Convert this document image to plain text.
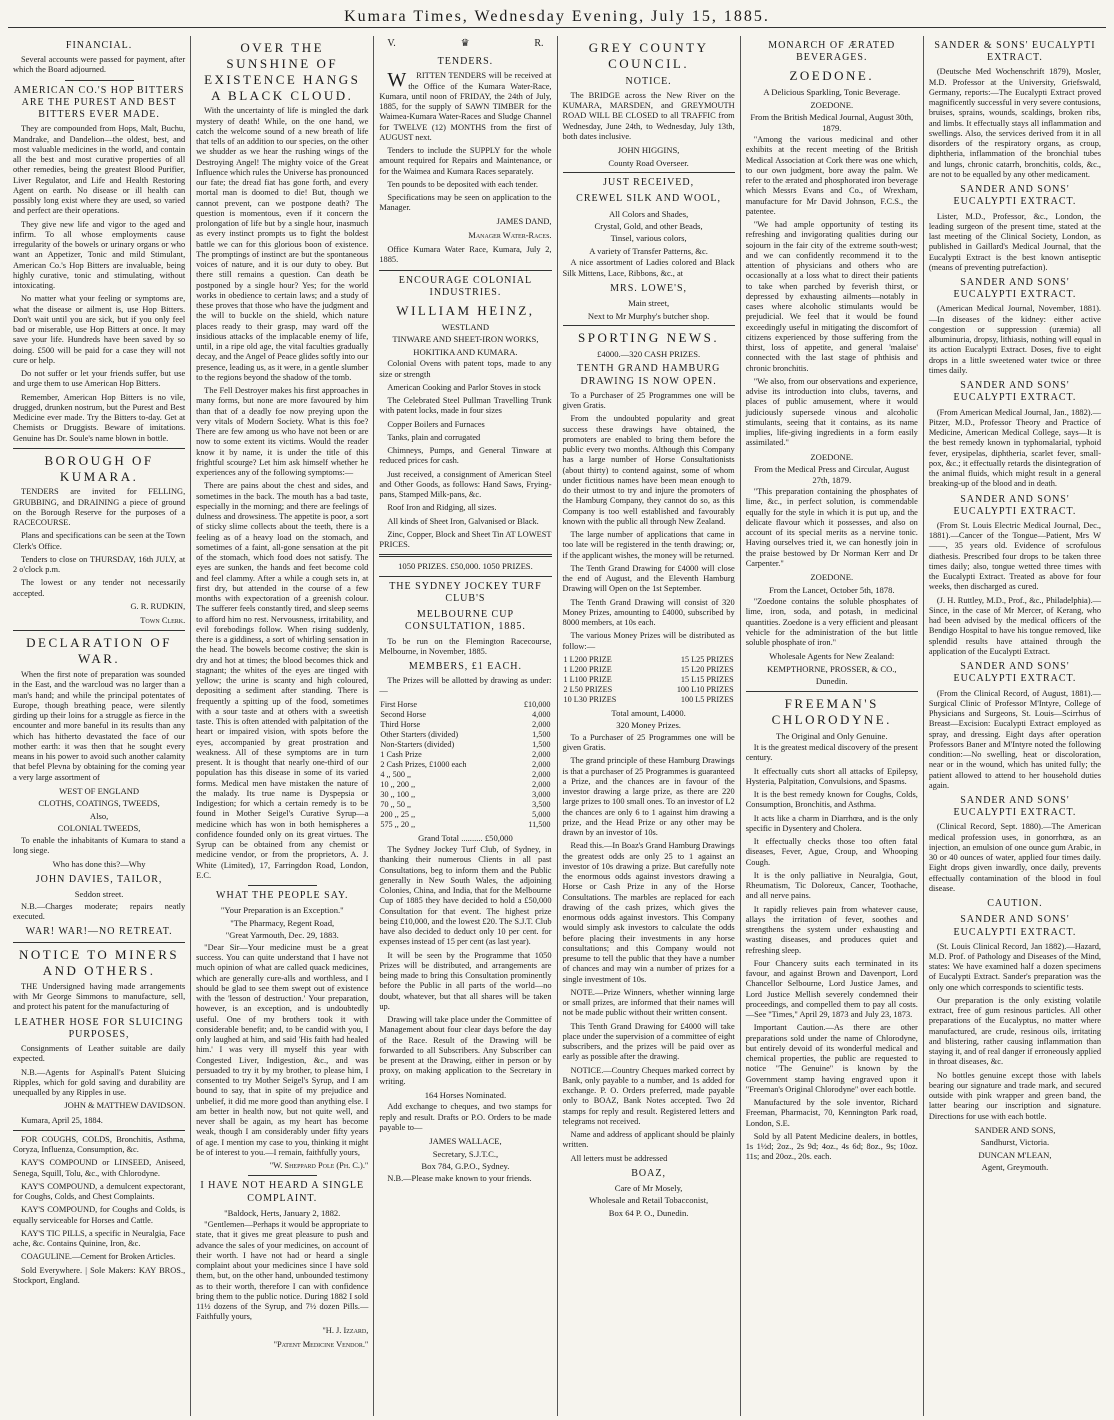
Kumara Times, Wednesday Evening, July 15, 1885.
FINANCIAL.

Several accounts were passed for payment, after which the Board adjourned.

AMERICAN CO.'S HOP BITTERS ARE THE PUREST AND BEST BITTERS EVER MADE.

They are compounded from Hops, Malt, Buchu, Mandrake, and Dandelion—the oldest, best, and most valuable medicines in the world, and contain all the best and most curative properties of all other remedies, being the greatest Blood Purifier, Liver Regulator, and Life and Health Restoring Agent on earth. No disease or ill health can possibly long exist where they are used, so varied and perfect are their operations.

They give new life and vigor to the aged and infirm. To all whose employments cause irregularity of the bowels or urinary organs or who want an Appetizer, Tonic and mild Stimulant, American Co.'s Hop Bitters are invaluable, being highly curative, tonic and stimulating, without intoxicating.

No matter what your feeling or symptoms are, what the disease or ailment is, use Hop Bitters. Don't wait until you are sick, but if you only feel bad or miserable, use Hop Bitters at once. It may save your life. Hundreds have been saved by so doing. £500 will be paid for a case they will not cure or help.

Do not suffer or let your friends suffer, but use and urge them to use American Hop Bitters.

Remember, American Hop Bitters is no vile, drugged, drunken nostrum, but the Purest and Best Medicine ever made. Try the Bitters to-day. Get at Chemists or Druggists. Beware of imitations. Genuine has Dr. Soule's name blown in bottle.

BOROUGH OF KUMARA.

TENDERS are invited for FELLING, GRUBBING, and DRAINING a piece of ground on the Borough Reserve for the purposes of a RACECOURSE.

Plans and specifications can be seen at the Town Clerk's Office.

Tenders to close on THURSDAY, 16th JULY, at 2 o'clock p.m.

The lowest or any tender not necessarily accepted.

G. R. RUDKIN,
Town Clerk.
DECLARATION OF WAR.

When the first note of preparation was sounded in the East, and the warcloud was no larger than a man's hand; and while the principal potentates of Europe, though breathing peace, were silently girding up their loins for a struggle as fierce in the encounter and more baneful in its results than any which has hitherto devastated the face of our mother earth: it was then that he sought every means in his power to avoid such another calamity that befel Plevna by obtaining for the coming year a very large assortment of

WEST OF ENGLAND
CLOTHS, COATINGS, TWEEDS,
Also,
COLONIAL TWEEDS,

To enable the inhabitants of Kumara to stand a long siege.

Who has done this?—Why
JOHN DAVIES, TAILOR,
Seddon street.

N.B.—Charges moderate; repairs neatly executed.

WAR! WAR!—NO RETREAT.
NOTICE TO MINERS AND OTHERS.

THE Undersigned having made arrangements with Mr George Simmons to manufacture, sell, and protect his patent for the manufacturing of

LEATHER HOSE FOR SLUICING PURPOSES,

Consignments of Leather suitable are daily expected.

N.B.—Agents for Aspinall's Patent Sluicing Ripples, which for gold saving and durability are unequalled by any Ripples in use.

JOHN & MATTHEW DAVIDSON.

Kumara, April 25, 1884.

FOR COUGHS, COLDS, Bronchitis, Asthma, Coryza, Influenza, Consumption, &c.

KAY'S COMPOUND or LINSEED, Aniseed, Senega, Squill, Tolu, &c., with Chlorodyne.

KAY'S COMPOUND, a demulcent expectorant, for Coughs, Colds, and Chest Complaints.

KAY'S COMPOUND, for Coughs and Colds, is equally serviceable for Horses and Cattle.

KAY'S TIC PILLS, a specific in Neuralgia, Face ache, &c. Contains Quinine, Iron, &c.

COAGULINE.—Cement for Broken Articles.

Sold Everywhere. | Sole Makers: KAY BROS., Stockport, England.

OVER THE SUNSHINE OF EXISTENCE HANGS A BLACK CLOUD.

With the uncertainty of life is mingled the dark mystery of death! While, on the one hand, we catch the welcome sound of a new breath of life that tells of an addition to our species, on the other we shudder as we hear the rushing wings of the Destroying Angel! The mighty voice of the Great Influence which rules the Universe has pronounced our fate; the dread fiat has gone forth, and every mortal man is doomed to die! But, though we cannot prevent, can we postpone death? The question is momentous, even if it concern the prolongation of life but by a single hour, inasmuch as every instinct prompts us to fight the boldest battle we can for this glorious boon of existence. The promptings of instinct are but the spontaneous voices of nature, and it is our duty to obey. But there still remains a question. Can death be postponed by a single hour? Yes; for the world works in obedience to certain laws; and a study of these proves that those who have the judgment and the will to buckle on the shield, which nature places ready to their grasp, may ward off the insidious attacks of the implacable enemy of life, until, in a ripe old age, the vital faculties gradually decay, and the Angel of Peace glides softly into our presence, leading us, as it were, in a gentle slumber to the regions beyond the shadow of the tomb.

The Fell Destroyer makes his first approaches in many forms, but none are more favoured by him than that of a deadly foe now preying upon the very vitals of Modern Society. What is this foe? There are few among us who have not been or are now to some extent its victims. Would the reader know it by name, it is under the title of this frightful scourge? Let him ask himself whether he experiences any of the following symptoms:—

There are pains about the chest and sides, and sometimes in the back. The mouth has a bad taste, especially in the morning; and there are feelings of dulness and drowsiness. The appetite is poor, a sort of sticky slime collects about the teeth, there is a feeling as of a heavy load on the stomach, and sometimes of a faint, all-gone sensation at the pit of the stomach, which food does not satisfy. The eyes are sunken, the hands and feet become cold and feel clammy. After a while a cough sets in, at first dry, but attended in the course of a few months with expectoration of a greenish colour. The sufferer feels constantly tired, and sleep seems to afford him no rest. Nervousness, irritability, and evil forebodings follow. When rising suddenly, there is a giddiness, a sort of whirling sensation in the head. The bowels become costive; the skin is dry and hot at times; the blood becomes thick and stagnant; the whites of the eyes are tinged with yellow; the urine is scanty and high coloured, depositing a sediment after standing. There is frequently a spitting up of the food, sometimes with a sour taste and at others with a sweetish taste. This is often attended with palpitation of the heart or impaired vision, with spots before the eyes, accompanied by great prostration and weakness. All of these symptoms are in turn present. It is thought that nearly one-third of our population has this disease in some of its varied forms. Medical men have mistaken the nature of the malady. Its true name is Dyspepsia or Indigestion; for which a certain remedy is to be found in Mother Seigel's Curative Syrup—a medicine which has won in both hemispheres a confidence founded only on its great virtues. The Syrup can be obtained from any chemist or medicine vendor, or from the proprietors, A. J. White (Limited), 17, Farringdon Road, London, E.C.

WHAT THE PEOPLE SAY.
"Your Preparation is an Exception."
"The Pharmacy, Regent Road,
"Great Yarmouth, Dec. 29, 1883.

"Dear Sir—Your medicine must be a great success. You can quite understand that I have not much opinion of what are called quack medicines, which are generally cure-alls and worthless, and I should be glad to see them swept out of existence with the 'lesson of destruction.' Your preparation, however, is an exception, and is undoubtedly useful. One of my brothers took it with considerable benefit; and, to be candid with you, I only laughed at him, and said 'His faith had healed him.' I was very ill myself this year with Congested Liver, Indigestion, &c., and was persuaded to try it by my brother, to please him, I consented to try Mother Seigel's Syrup, and I am bound to say, that in spite of my prejudice and unbelief, it did me more good than anything else. I am better in health now, but not quite well, and never shall be again, as my heart has become weak, though I am considerably under fifty years of age. I mention my case to you, thinking it might be of interest to you.—I remain, faithfully yours,

"W. Sheppard Pole (Ph. C.)."
I HAVE NOT HEARD A SINGLE COMPLAINT.
"Baldock, Herts, January 2, 1882.

"Gentlemen—Perhaps it would be appropriate to state, that it gives me great pleasure to push and advance the sales of your medicines, on account of their worth. I have not had or heard a single complaint about your medicines since I have sold them, but, on the other hand, unbounded testimony as to their worth, therefore I can with confidence bring them to the public notice. During 1882 I sold 11½ dozens of the Syrup, and 7½ dozen Pills.—Faithfully yours,

"H. J. Izzard,
"Patent Medicine Vendor."
V.	♛	R.
TENDERS.

WRITTEN TENDERS will be received at the Office of the Kumara Water-Race, Kumara, until noon of FRIDAY, the 24th of July, 1885, for the supply of SAWN TIMBER for the Waimea-Kumara Water-Races and Sludge Channel for TWELVE (12) MONTHS from the first of AUGUST next.

Tenders to include the SUPPLY for the whole amount required for Repairs and Maintenance, or for the Waimea and Kumara Races separately.

Ten pounds to be deposited with each tender.

Specifications may be seen on application to the Manager.

JAMES DAND,
Manager Water-Races.

Office Kumara Water Race, Kumara, July 2, 1885.

ENCOURAGE COLONIAL INDUSTRIES.
WILLIAM HEINZ,
WESTLAND
TINWARE AND SHEET-IRON WORKS,
HOKITIKA AND KUMARA.

Colonial Ovens with patent tops, made to any size or strength

American Cooking and Parlor Stoves in stock

The Celebrated Steel Pullman Travelling Trunk with patent locks, made in four sizes

Copper Boilers and Furnaces

Tanks, plain and corrugated

Chimneys, Pumps, and General Tinware at reduced prices for cash.

Just received, a consignment of American Steel and Other Goods, as follows: Hand Saws, Frying-pans, Stamped Milk-pans, &c.

Roof Iron and Ridging, all sizes.

All kinds of Sheet Iron, Galvanised or Black.

Zinc, Copper, Block and Sheet Tin AT LOWEST PRICES.

1050 PRIZES. £50,000. 1050 PRIZES.
THE SYDNEY JOCKEY TURF CLUB'S
MELBOURNE CUP CONSULTATION, 1885.

To be run on the Flemington Racecourse, Melbourne, in November, 1885.

MEMBERS, £1 EACH.

The Prizes will be allotted by drawing as under:—

First Horse	£10,000
Second Horse	4,000
Third Horse	2,000
Other Starters (divided)	1,500
Non-Starters (divided)	1,500
1 Cash Prize	2,000
2 Cash Prizes, £1000 each	2,000
4 ,, 500 ,,	2,000
10 ,, 200 ,,	2,000
30 ,, 100 ,,	3,000
70 ,, 50 ,,	3,500
200 ,, 25 ,,	5,000
575 ,, 20 ,,	11,500
Grand Total .......... £50,000

The Sydney Jockey Turf Club, of Sydney, in thanking their numerous Clients in all past Consultations, beg to inform them and the Public generally in New South Wales, the adjoining Colonies, China, and India, that for the Melbourne Cup of 1885 they have decided to hold a £50,000 Consultation for that event. The highest prize being £10,000, and the lowest £20. The S.J.T. Club have also decided to deduct only 10 per cent. for expenses instead of 15 per cent (as last year).

It will be seen by the Programme that 1050 Prizes will be distributed, and arrangements are being made to bring this Consultation prominently before the Public in all parts of the world—no doubt, whatever, but that all shares will be taken up.

Drawing will take place under the Committee of Management about four clear days before the day of the Race. Result of the Drawing will be forwarded to all Subscribers. Any Subscriber can be present at the Drawing, either in person or by proxy, on making application to the Secretary in writing.

164 Horses Nominated.

Add exchange to cheques, and two stamps for reply and result. Drafts or P.O. Orders to be made payable to—

JAMES WALLACE,
Secretary, S.J.T.C.,
Box 784, G.P.O., Sydney.

N.B.—Please make known to your friends.

GREY COUNTY COUNCIL.
NOTICE.

The BRIDGE across the New River on the KUMARA, MARSDEN, and GREYMOUTH ROAD WILL BE CLOSED to all TRAFFIC from Wednesday, June 24th, to Wednesday, July 13th, both dates inclusive.

JOHN HIGGINS,
County Road Overseer.
JUST RECEIVED,
CREWEL SILK AND WOOL,
All Colors and Shades,
Crystal, Gold, and other Beads,
Tinsel, various colors,
A variety of Transfer Patterns, &c.

A nice assortment of Ladies colored and Black Silk Mittens, Lace, Ribbons, &c., at

MRS. LOWE'S,
Main street,
Next to Mr Murphy's butcher shop.
SPORTING NEWS.
£4000.—320 CASH PRIZES.
TENTH GRAND HAMBURG DRAWING IS NOW OPEN.

To a Purchaser of 25 Programmes one will be given Gratis.

From the undoubted popularity and great success these drawings have obtained, the promoters are enabled to bring them before the public every two months. Although this Company has a large number of Horse Consultationists (about thirty) to contend against, some of whom under fictitious names have been mean enough to do their utmost to try and injure the promoters of the Hamburg Company, they cannot do so, as this Company is too well established and favourably known with the public all through New Zealand.

The large number of applications that came in too late will be registered in the tenth drawing; or, if the applicant wishes, the money will be returned.

The Tenth Grand Drawing for £4000 will close the end of August, and the Eleventh Hamburg Drawing will Open on the 1st September.

The Tenth Grand Drawing will consist of 320 Money Prizes, amounting to £4000, subscribed by 8000 members, at 10s each.

The various Money Prizes will be distributed as follow:—

1 L200 PRIZE	15 L25 PRIZES
1 L200 PRIZE	15 L20 PRIZES
1 L100 PRIZE	15 L15 PRIZES
2 L50 PRIZES	100 L10 PRIZES
10 L30 PRIZES	100 L5 PRIZES
Total amount, L4000.
320 Money Prizes.

To a Purchaser of 25 Programmes one will be given Gratis.

The grand principle of these Hamburg Drawings is that a purchaser of 25 Programmes is guaranteed a Prize, and the chances are in favour of the investor drawing a large prize, as there are 220 large prizes to 100 small ones. To an investor of L2 the chances are only 6 to 1 against him drawing a prize, and the Head Prize or any other may be drawn by an investor of 10s.

Read this.—In Boaz's Grand Hamburg Drawings the greatest odds are only 25 to 1 against an investor of 10s drawing a prize. But carefully note the enormous odds against investors drawing a Horse or Cash Prize in any of the Horse Consultations. The marbles are replaced for each drawing of the cash prizes, which gives the enormous odds against investors. This Company would simply ask investors to calculate the odds before placing their investments in any horse consultations; and this Company would not presume to tell the public that they have a number of chances and may win a number of prizes for a single investment of 10s.

NOTE.—Prize Winners, whether winning large or small prizes, are informed that their names will not be made public without their written consent.

This Tenth Grand Drawing for £4000 will take place under the supervision of a committee of eight subscribers, and the prizes will be paid over as early as possible after the drawing.

NOTICE.—Country Cheques marked correct by Bank, only payable to a number, and 1s added for exchange. P. O. Orders preferred, made payable only to BOAZ, Bank Notes accepted. Two 2d stamps for reply and result. Registered letters and telegrams not received.

Name and address of applicant should be plainly written.

All letters must be addressed

BOAZ,
Care of Mr Mosely,
Wholesale and Retail Tobacconist,
Box 64 P. O., Dunedin.
MONARCH OF ÆRATED BEVERAGES.
ZOEDONE.
A Delicious Sparkling, Tonic Beverage.
ZOEDONE.
From the British Medical Journal, August 30th, 1879.

"Among the various medicinal and other exhibits at the recent meeting of the British Medical Association at Cork there was one which, to our own judgment, bore away the palm. We refer to the ærated and phosphorated iron beverage which Messrs Evans and Co., of Wrexham, manufacture for Mr David Johnson, F.C.S., the patentee.

"We had ample opportunity of testing its refreshing and invigorating qualities during our sojourn in the fair city of the extreme south-west; and we can confidently recommend it to the attention of physicians and others who are occasionally at a loss what to direct their patients to take when parched by feverish thirst, or depressed by exhausting ailments—notably in cases where alcoholic stimulants would be prejudicial. We feel that it would be found exceedingly useful in mitigating the discomfort of citizens experienced by those suffering from the thirst, loss of appetite, and general 'malaise' connected with the last stage of phthisis and chronic bronchitis.

"We also, from our observations and experience, advise its introduction into clubs, taverns, and places of public amusement, where it would judiciously supersede vinous and alcoholic stimulants, seeing that it contains, as its name implies, life-giving ingredients in a form easily assimilated."

ZOEDONE.
From the Medical Press and Circular, August 27th, 1879.

"This preparation containing the phosphates of lime, &c., in perfect solution, is commendable equally for the style in which it is put up, and the delicate flavour which it possesses, and also on account of its special merits as a nervine tonic. Having ourselves tried it, we can honestly join in the praise bestowed by Dr Norman Kerr and Dr Carpenter."

ZOEDONE.
From the Lancet, October 5th, 1878.

"Zoedone contains the soluble phosphates of lime, iron, soda, and potash, in medicinal quantities. Zoedone is a very efficient and pleasant vehicle for the administration of the but little soluble phosphate of iron."

Wholesale Agents for New Zealand:
KEMPTHORNE, PROSSER, & CO.,
Dunedin.
FREEMAN'S CHLORODYNE.
The Original and Only Genuine.

It is the greatest medical discovery of the present century.

It effectually cuts short all attacks of Epilepsy, Hysteria, Palpitation, Convulsions, and Spasms.

It is the best remedy known for Coughs, Colds, Consumption, Bronchitis, and Asthma.

It acts like a charm in Diarrhœa, and is the only specific in Dysentery and Cholera.

It effectually checks those too often fatal diseases, Fever, Ague, Croup, and Whooping Cough.

It is the only palliative in Neuralgia, Gout, Rheumatism, Tic Doloreux, Cancer, Toothache, and all nerve pains.

It rapidly relieves pain from whatever cause, allays the irritation of fever, soothes and strengthens the system under exhausting and wasting diseases, and produces quiet and refreshing sleep.

Four Chancery suits each terminated in its favour, and against Brown and Davenport, Lord Chancellor Selbourne, Lord Justice James, and Lord Justice Mellish severely condemned their proceedings, and compelled them to pay all costs.—See "Times," April 29, 1873 and July 23, 1873.

Important Caution.—As there are other preparations sold under the name of Chlorodyne, but entirely devoid of its wonderful medical and chemical properties, the public are requested to notice "The Genuine" is known by the Government stamp having engraved upon it "Freeman's Original Chlorodyne" over each bottle.

Manufactured by the sole inventor, Richard Freeman, Pharmacist, 70, Kennington Park road, London, S.E.

Sold by all Patent Medicine dealers, in bottles, 1s 1½d; 2oz., 2s 9d; 4oz., 4s 6d; 8oz., 9s; 10oz. 11s; and 20oz., 20s. each.

SANDER & SONS' EUCALYPTI EXTRACT.

(Deutsche Med Wochenschrift 1879), Mosler, M.D. Professor at the University, Griefswald, Germany, reports:—The Eucalypti Extract proved magnificently successful in very severe contusions, bruises, sprains, wounds, scaldings, broken ribs, and limbs. It effectually stays all inflammation and swellings. Also, the services derived from it in all disorders of the respiratory organs, as croup, diphtheria, inflammation of the bronchial tubes and lungs, chronic catarrh, bronchitis, colds, &c., are not to be equalled by any other medicament.

SANDER AND SONS' EUCALYPTI EXTRACT.

Lister, M.D., Professor, &c., London, the leading surgeon of the present time, stated at the last meeting of the Clinical Society, London, as published in Gaillard's Medical Journal, that the Eucalypti Extract is the best known antiseptic (means of preventing putrefaction).

SANDER AND SONS' EUCALYPTI EXTRACT.

(American Medical Journal, November, 1881).—In diseases of the kidney: either active congestion or suppression (uræmia) all albuminuria, dropsy, lithiasis, nothing will equal in its action Eucalypti Extract. Doses, five to eight drops in a little sweetened water twice or three times daily.

SANDER AND SONS' EUCALYPTI EXTRACT.

(From American Medical Journal, Jan., 1882).—Pitzer, M.D., Professor Theory and Practice of Medicine, American Medical College, says—It is the best remedy known in typhomalarial, typhoid fever, erysipelas, diphtheria, scarlet fever, small-pox, &c.; it effectually retards the disintegration of the animal fluids, which might result in a general breaking-up of the blood and in death.

SANDER AND SONS' EUCALYPTI EXTRACT.

(From St. Louis Electric Medical Journal, Dec., 1881).—Cancer of the Tongue—Patient, Mrs W——, 35 years old. Evidence of scrofulous diathesis. Prescribed four drops to be taken three times daily; also, tongue wetted three times with the Eucalypti Extract. Treated as above for four weeks, then discharged as cured.

(J. H. Ruttley, M.D., Prof., &c., Philadelphia).—Since, in the case of Mr Mercer, of Kerang, who had been advised by the medical officers of the Bendigo Hospital to have his tongue removed, like splendid results have attained through the application of the Eucalypti Extract.

SANDER AND SONS' EUCALYPTI EXTRACT.

(From the Clinical Record, of August, 1881).—Surgical Clinic of Professor M'Intyre, College of Physicians and Surgeons, St. Louis—Scirrhus of Breast—Excision: Eucalypti Extract employed as spray, and dressing. Eight days after operation Professors Baner and M'Intyre noted the following condition:—No swelling, heat or discoloration, near or in the wound, which has united fully; the patient allowed to attend to her household duties again.

SANDER AND SONS' EUCALYPTI EXTRACT.

(Clinical Record, Sept. 1880).—The American medical profession uses, in gonorrhœa, as an injection, an emulsion of one ounce gum Arabic, in 30 or 40 ounces of water, applied four times daily. Eight drops given inwardly, once daily, prevents effectually contamination of the blood in foul disease.

CAUTION.
SANDER AND SONS' EUCALYPTI EXTRACT.

(St. Louis Clinical Record, Jan 1882).—Hazard, M.D. Prof. of Pathology and Diseases of the Mind, states: We have examined half a dozen specimens of Eucalypti Extract. Sander's preparation was the only one which corresponds to scientific tests.

Our preparation is the only existing volatile extract, free of gum resinous particles. All other preparations of the Eucalyptus, no matter where manufactured, are crude, resinous oils, irritating and blistering, rather causing inflammation than staying it, and of real danger if erroneously applied in throat diseases, &c.

No bottles genuine except those with labels bearing our signature and trade mark, and secured outside with pink wrapper and green band, the latter bearing our inscription and signature. Directions for use with each bottle.

SANDER AND SONS,
Sandhurst, Victoria.
DUNCAN M'LEAN,
Agent, Greymouth.
